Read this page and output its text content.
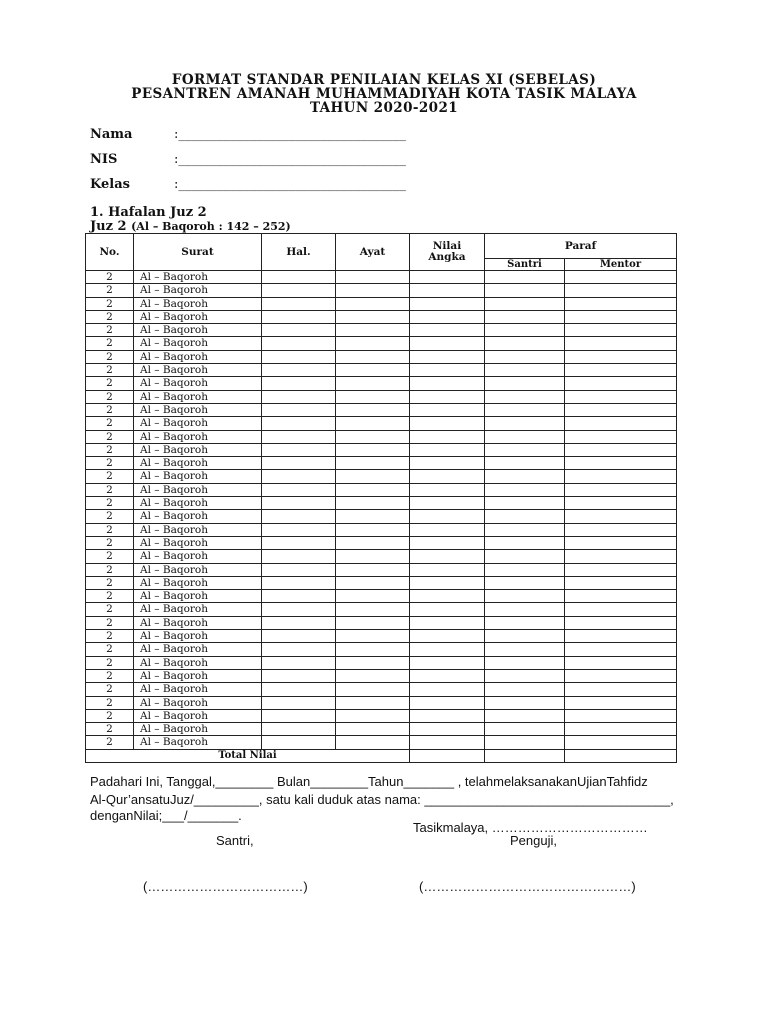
FORMAT STANDAR PENILAIAN KELAS XI (SEBELAS)
PESANTREN AMANAH MUHAMMADIYAH KOTA TASIK MALAYA
TAHUN 2020-2021
Nama	:___________________________________
NIS	:___________________________________
Kelas	:___________________________________
1. Hafalan Juz 2
Juz 2 (Al – Baqoroh : 142 – 252)
No.	Surat	Hal.	Ayat	Nilai Angka	Paraf	
					Santri	Mentor
2	Al – Baqoroh					
2	Al – Baqoroh					
2	Al – Baqoroh					
2	Al – Baqoroh					
2	Al – Baqoroh					
2	Al – Baqoroh					
2	Al – Baqoroh					
2	Al – Baqoroh					
2	Al – Baqoroh					
2	Al – Baqoroh					
2	Al – Baqoroh					
2	Al – Baqoroh					
2	Al – Baqoroh					
2	Al – Baqoroh					
2	Al – Baqoroh					
2	Al – Baqoroh					
2	Al – Baqoroh					
2	Al – Baqoroh					
2	Al – Baqoroh					
2	Al – Baqoroh					
2	Al – Baqoroh					
2	Al – Baqoroh					
2	Al – Baqoroh					
2	Al – Baqoroh					
2	Al – Baqoroh					
2	Al – Baqoroh					
2	Al – Baqoroh					
2	Al – Baqoroh					
2	Al – Baqoroh					
2	Al – Baqoroh					
2	Al – Baqoroh					
2	Al – Baqoroh					
2	Al – Baqoroh					
2	Al – Baqoroh					
2	Al – Baqoroh					
2	Al – Baqoroh					
Total Nilai						
Padahari Ini, Tanggal,________ Bulan________Tahun_______ , telahmelaksanakanUjianTahfidz
Al-Qur’ansatuJuz/_________, satu kali duduk atas nama: __________________________________,
denganNilai;___/_______.
Tasikmalaya, ………………………………
Santri,	Penguji,
(………………………………)	(…………………………………………)
